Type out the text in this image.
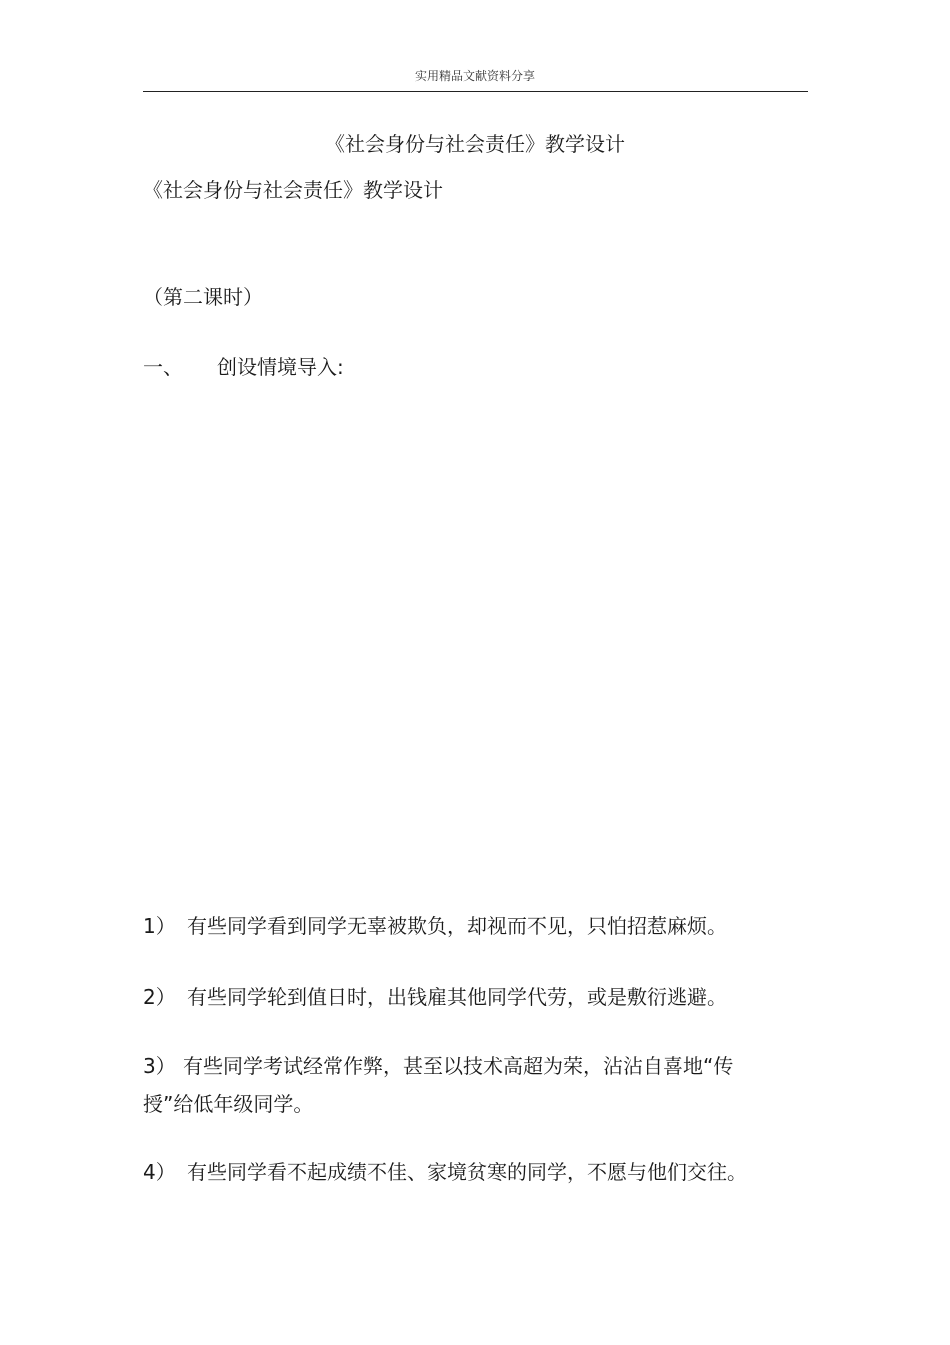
实用精品文献资料分享
《社会身份与社会责任》教学设计
《社会身份与社会责任》教学设计
（第二课时）
一、 创设情境导入:
1） 有些同学看到同学无辜被欺负，却视而不见，只怕招惹麻烦。
2） 有些同学轮到值日时，出钱雇其他同学代劳，或是敷衍逃避。
3） 有些同学考试经常作弊，甚至以技术高超为荣，沾沾自喜地“传授”给低年级同学。
4） 有些同学看不起成绩不佳、家境贫寒的同学，不愿与他们交往。
